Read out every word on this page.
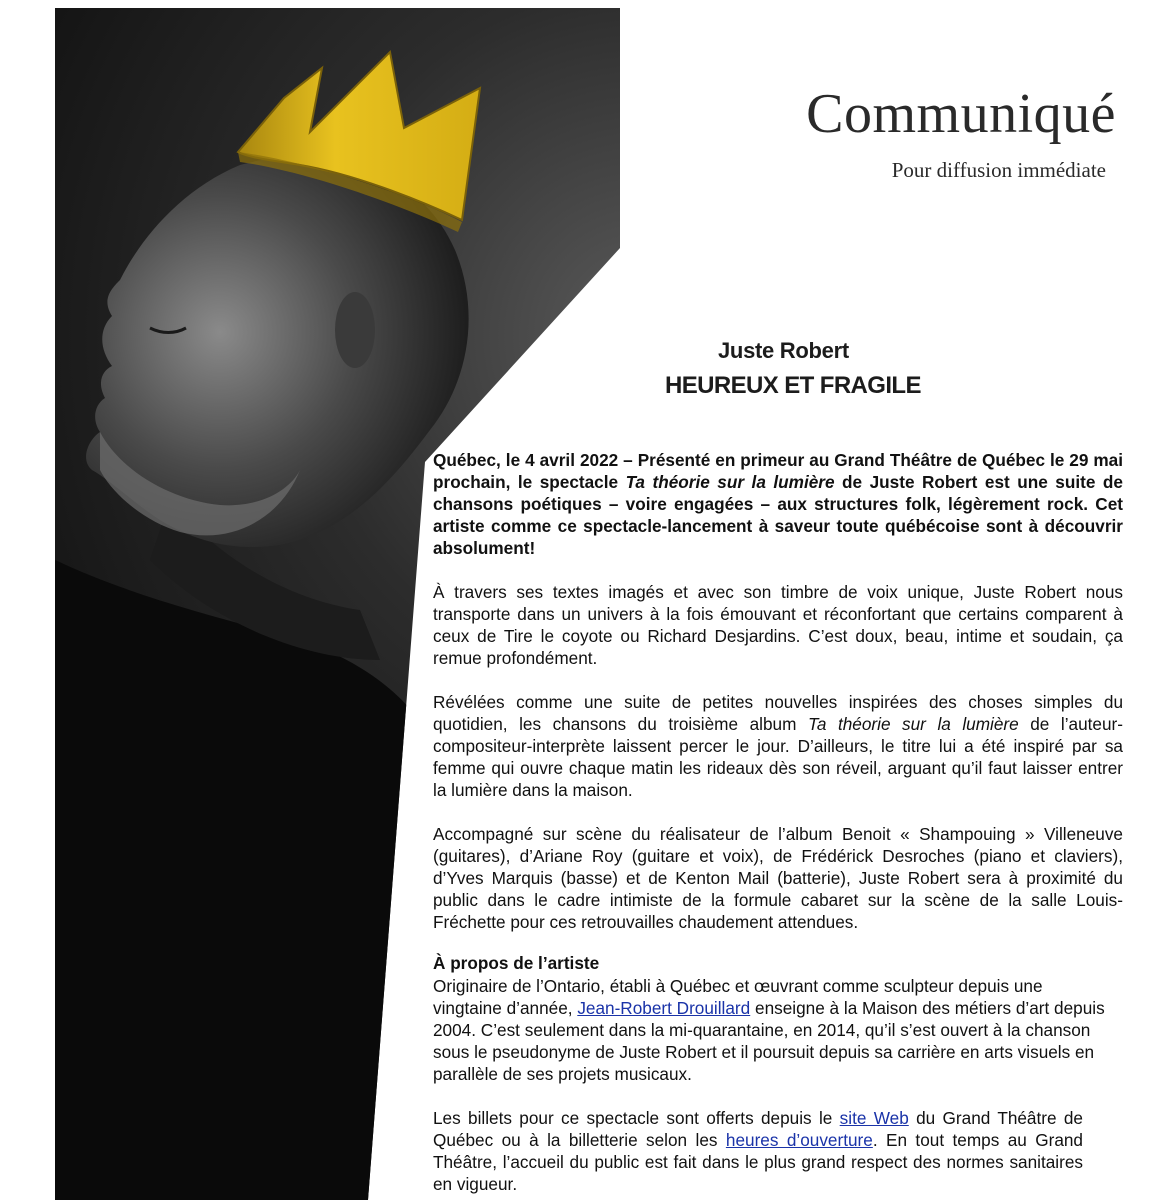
Communiqué
Pour diffusion immédiate
Juste Robert
HEUREUX ET FRAGILE

Québec, le 4 avril 2022 – Présenté en primeur au Grand Théâtre de Québec le 29 mai prochain, le spectacle Ta théorie sur la lumière de Juste Robert est une suite de chansons poétiques – voire engagées – aux structures folk, légèrement rock. Cet artiste comme ce spectacle-lancement à saveur toute québécoise sont à découvrir absolument!

À travers ses textes imagés et avec son timbre de voix unique, Juste Robert nous transporte dans un univers à la fois émouvant et réconfortant que certains comparent à ceux de Tire le coyote ou Richard Desjardins. C’est doux, beau, intime et soudain, ça remue profondément.

Révélées comme une suite de petites nouvelles inspirées des choses simples du quotidien, les chansons du troisième album Ta théorie sur la lumière de l’auteur-compositeur-interprète laissent percer le jour. D’ailleurs, le titre lui a été inspiré par sa femme qui ouvre chaque matin les rideaux dès son réveil, arguant qu’il faut laisser entrer la lumière dans la maison.

Accompagné sur scène du réalisateur de l’album Benoit « Shampouing » Villeneuve (guitares), d’Ariane Roy (guitare et voix), de Frédérick Desroches (piano et claviers), d’Yves Marquis (basse) et de Kenton Mail (batterie), Juste Robert sera à proximité du public dans le cadre intimiste de la formule cabaret sur la scène de la salle Louis-Fréchette pour ces retrouvailles chaudement attendues.

À propos de l’artiste

Originaire de l’Ontario, établi à Québec et œuvrant comme sculpteur depuis une vingtaine d’année, Jean-Robert Drouillard enseigne à la Maison des métiers d’art depuis 2004. C’est seulement dans la mi-quarantaine, en 2014, qu’il s’est ouvert à la chanson sous le pseudonyme de Juste Robert et il poursuit depuis sa carrière en arts visuels en parallèle de ses projets musicaux.

Les billets pour ce spectacle sont offerts depuis le site Web du Grand Théâtre de Québec ou à la billetterie selon les heures d’ouverture. En tout temps au Grand Théâtre, l’accueil du public est fait dans le plus grand respect des normes sanitaires en vigueur.
